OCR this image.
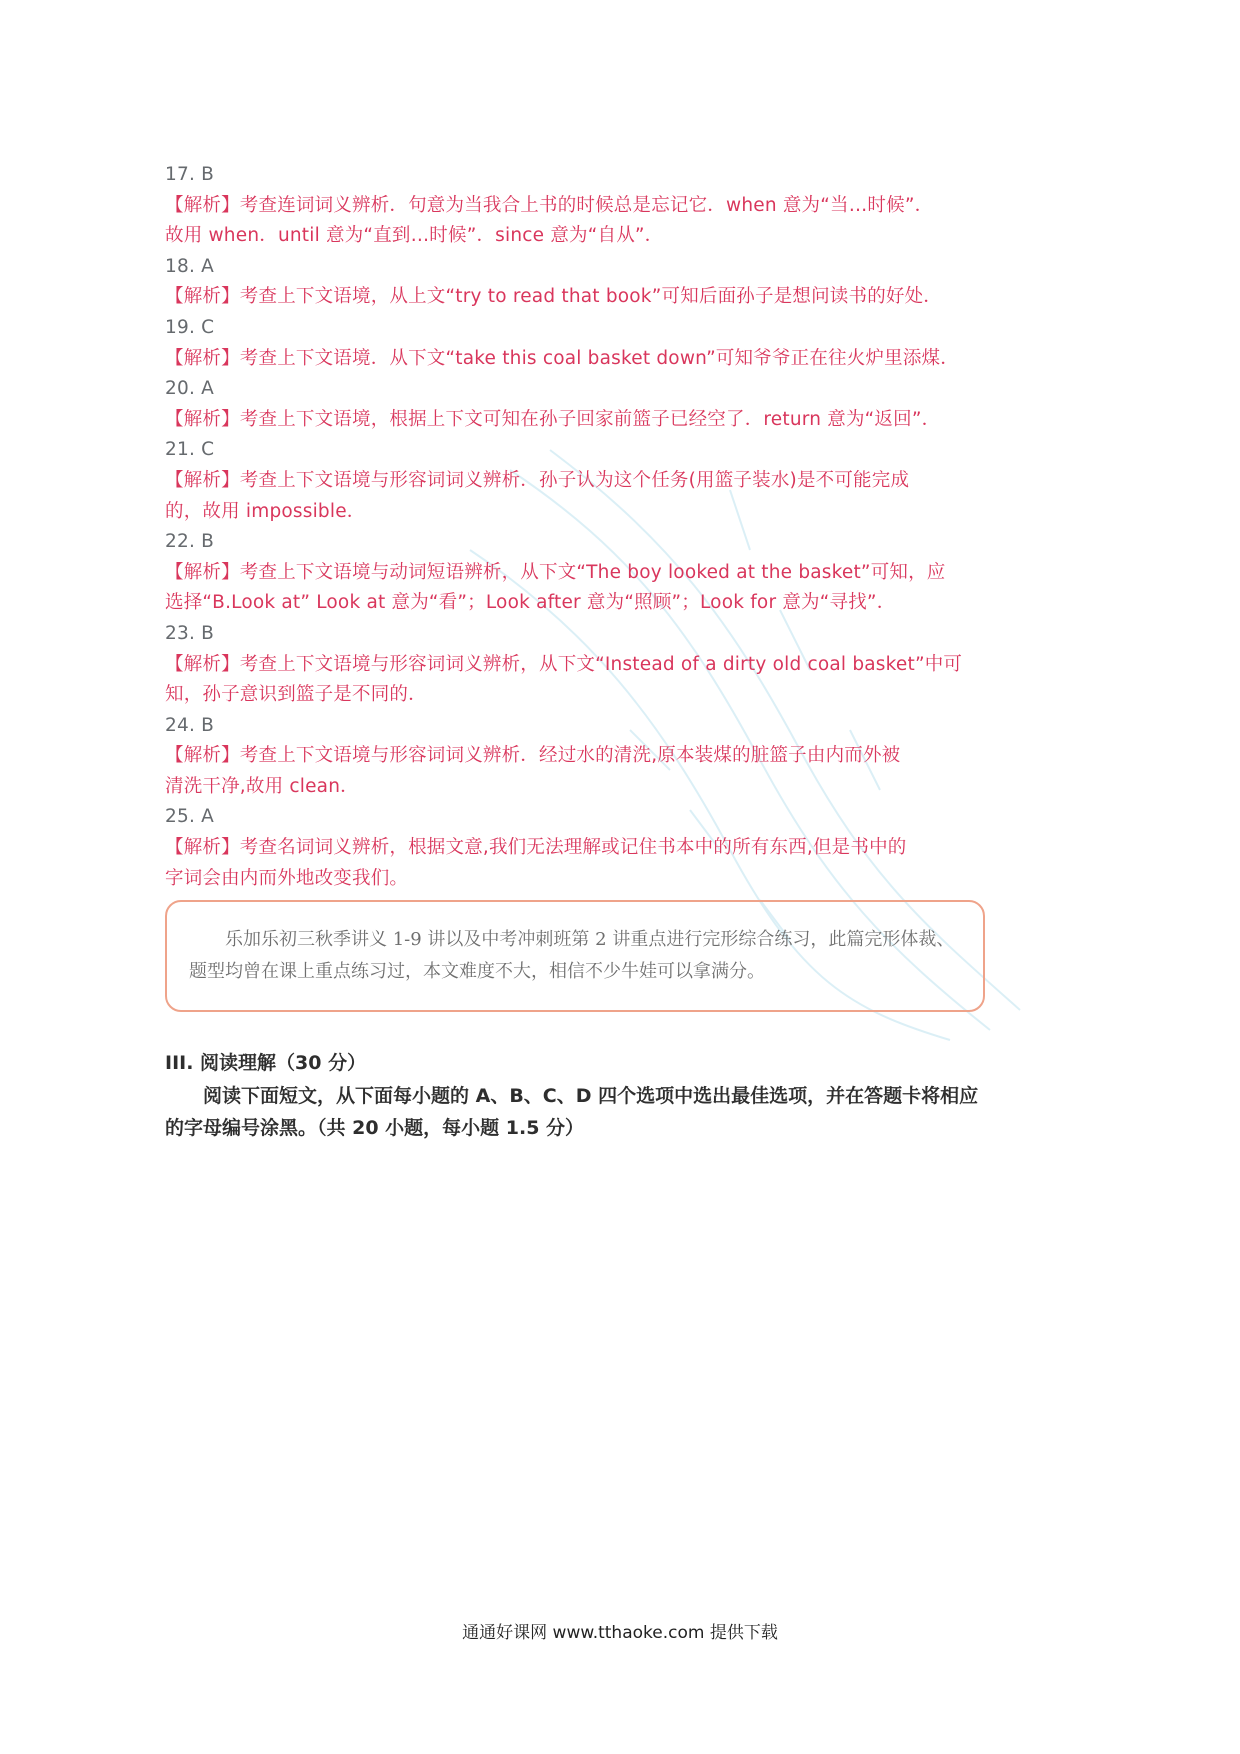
17. B
【解析】考查连词词义辨析．句意为当我合上书的时候总是忘记它．when 意为“当…时候”．
故用 when．until 意为“直到…时候”．since 意为“自从”．
18. A
【解析】考查上下文语境，从上文“try to read that book”可知后面孙子是想问读书的好处．
19. C
【解析】考查上下文语境．从下文“take this coal basket down”可知爷爷正在往火炉里添煤．
20. A
【解析】考查上下文语境，根据上下文可知在孙子回家前篮子已经空了．return 意为“返回”．
21. C
【解析】考查上下文语境与形容词词义辨析．孙子认为这个任务(用篮子装水)是不可能完成
的，故用 impossible．
22. B
【解析】考查上下文语境与动词短语辨析，从下文“The boy looked at the basket”可知，应
选择“B.Look at” Look at 意为“看”；Look after 意为“照顾”；Look for 意为“寻找”．
23. B
【解析】考查上下文语境与形容词词义辨析，从下文“Instead of a dirty old coal basket”中可
知，孙子意识到篮子是不同的．
24. B
【解析】考查上下文语境与形容词词义辨析．经过水的清洗,原本装煤的脏篮子由内而外被
清洗干净,故用 clean．
25. A
【解析】考查名词词义辨析，根据文意,我们无法理解或记住书本中的所有东西,但是书中的
字词会由内而外地改变我们。
乐加乐初三秋季讲义 1-9 讲以及中考冲刺班第 2 讲重点进行完形综合练习，此篇完形体裁、题型均曾在课上重点练习过，本文难度不大，相信不少牛娃可以拿满分。
III. 阅读理解（30 分）
阅读下面短文，从下面每小题的 A、B、C、D 四个选项中选出最佳选项，并在答题卡将相应的字母编号涂黑。（共 20 小题，每小题 1.5 分）
通通好课网 www.tthaoke.com 提供下载
